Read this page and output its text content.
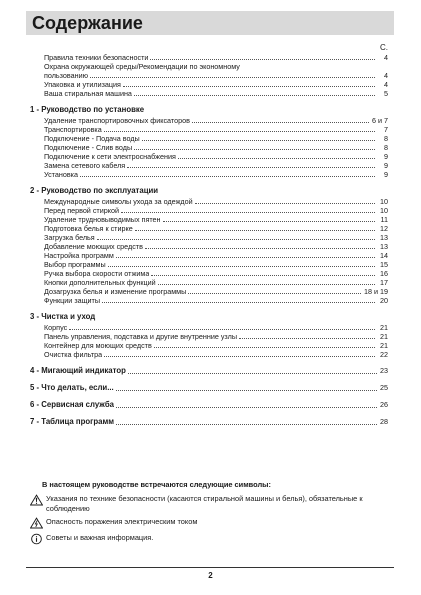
Содержание
С.
Правила техники безопасности	4
Охрана окружающей среды/Рекомендации по экономному
пользованию	4
Упаковка и утилизация	4
Ваша стиральная машина	5
1 - Руководство по установке
Удаление транспортировочных фиксаторов	6 и 7
Транспортировка	7
Подключение - Подача воды	8
Подключение - Слив воды	8
Подключение к сети электроснабжения	9
Замена сетевого кабеля	9
Установка	9
2 - Руководство по эксплуатации
Международные символы ухода за одеждой	10
Перед первой стиркой	10
Удаление трудновыводимых пятен	11
Подготовка белья к стирке	12
Загрузка белья	13
Добавление моющих средств	13
Настройка программ	14
Выбор программы	15
Ручка выбора скорости отжима	16
Кнопки дополнительных функций	17
Дозагрузка белья и изменение программы	18 и 19
Функции защиты	20
3 - Чистка и уход
Корпус	21
Панель управления, подставка и другие внутренние узлы	21
Контейнер для моющих средств	21
Очистка фильтра	22
4 - Мигающий индикатор	23
5 - Что делать, если...	25
6 - Сервисная служба	26
7 - Таблица программ	28
В настоящем руководстве встречаются следующие символы:
Указания по технике безопасности (касаются стиральной машины и белья), обязательные к соблюдению
Опасность поражения электрическим током
Советы и важная информация.
2
